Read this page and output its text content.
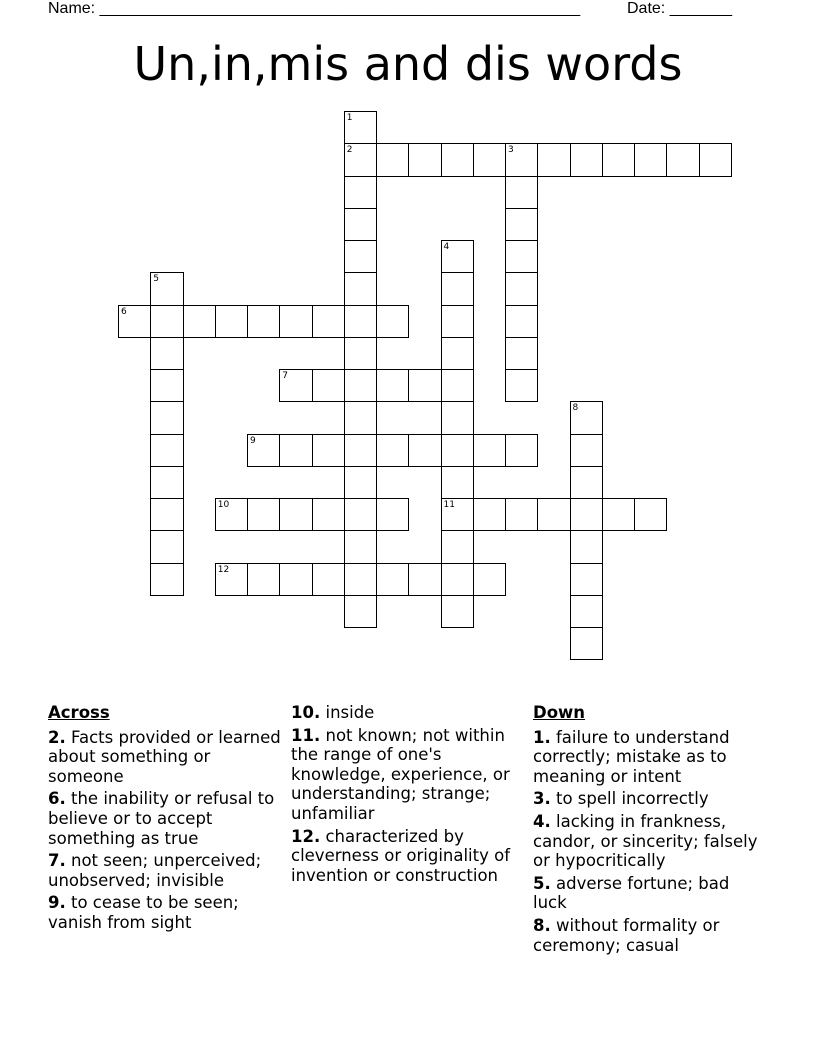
Name: ______________________________________________________	Date: _______
Un,in,mis and dis words
1
2	3
4
11
5
6
7
8
9
10
12
Across
2. Facts provided or learned about something or someone
6. the inability or refusal to believe or to accept something as true
7. not seen; unperceived; unobserved; invisible
9. to cease to be seen; vanish from sight
10. inside
11. not known; not within the range of one's knowledge, experience, or understanding; strange; unfamiliar
12. characterized by cleverness or originality of invention or construction
Down
1. failure to understand correctly; mistake as to meaning or intent
3. to spell incorrectly
4. lacking in frankness, candor, or sincerity; falsely or hypocritically
5. adverse fortune; bad luck
8. without formality or ceremony; casual
